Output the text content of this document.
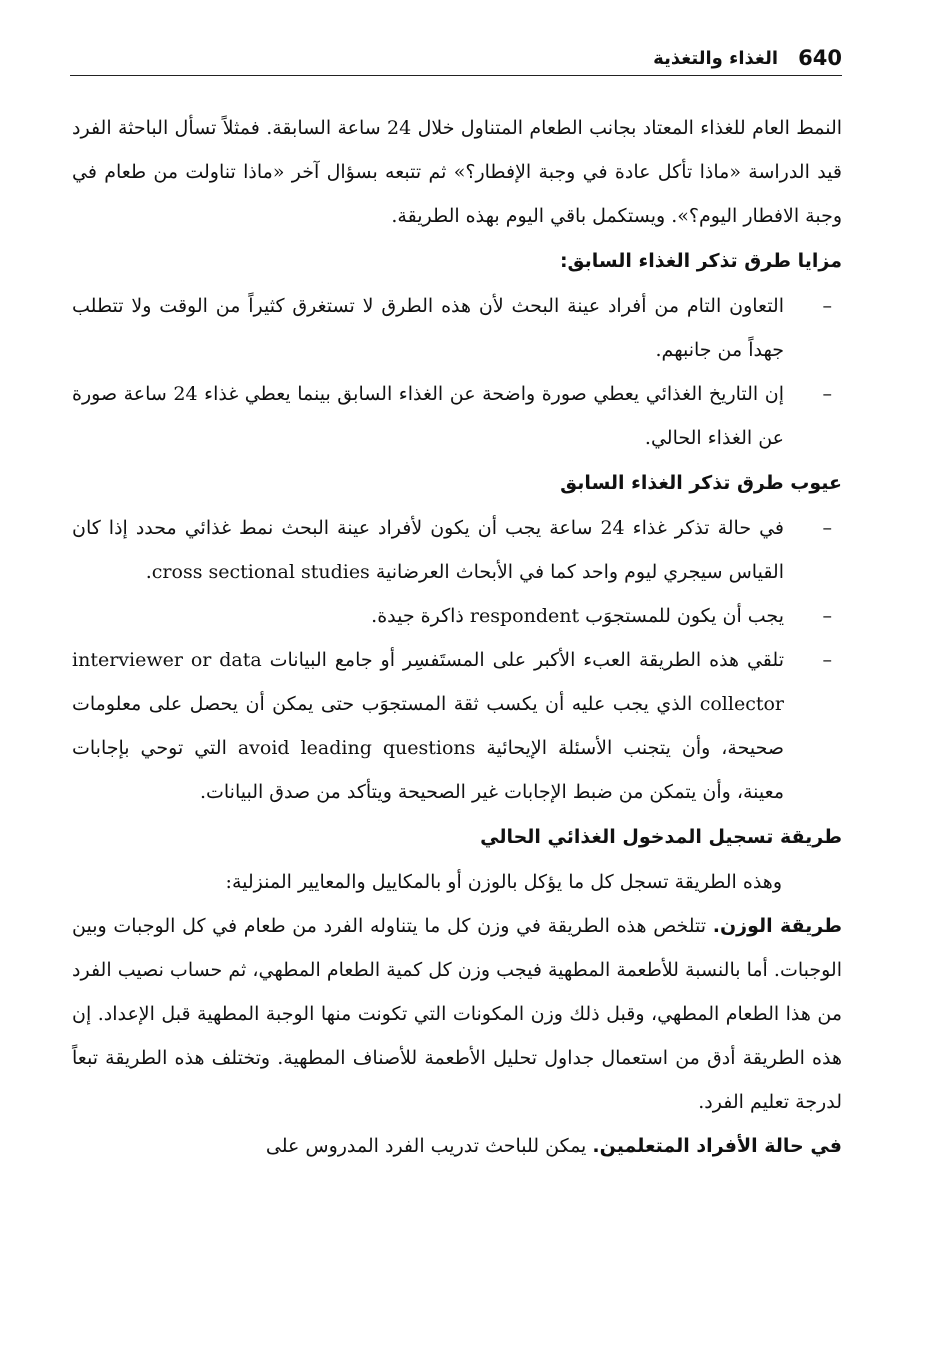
640
الغذاء والتغذية

النمط العام للغذاء المعتاد بجانب الطعام المتناول خلال 24 ساعة السابقة. فمثلاً تسأل الباحثة الفرد قيد الدراسة «ماذا تأكل عادة في وجبة الإفطار؟» ثم تتبعه بسؤال آخر «ماذا تناولت من طعام في وجبة الافطار اليوم؟». ويستكمل باقي اليوم بهذه الطريقة.

مزايا طرق تذكر الغذاء السابق:
–
التعاون التام من أفراد عينة البحث لأن هذه الطرق لا تستغرق كثيراً من الوقت ولا تتطلب جهداً من جانبهم.
–
إن التاريخ الغذائي يعطي صورة واضحة عن الغذاء السابق بينما يعطي غذاء 24 ساعة صورة عن الغذاء الحالي.
عيوب طرق تذكر الغذاء السابق
–
في حالة تذكر غذاء 24 ساعة يجب أن يكون لأفراد عينة البحث نمط غذائي محدد إذا كان القياس سيجري ليوم واحد كما في الأبحاث العرضانية cross sectional studies.
–
يجب أن يكون للمستجوَب respondent ذاكرة جيدة.
–
تلقي هذه الطريقة العبء الأكبر على المستَفسِر أو جامع البيانات interviewer or data collector الذي يجب عليه أن يكسب ثقة المستجوَب حتى يمكن أن يحصل على معلومات صحيحة، وأن يتجنب الأسئلة الإيحائية avoid leading questions التي توحي بإجابات معينة، وأن يتمكن من ضبط الإجابات غير الصحيحة ويتأكد من صدق البيانات.
طريقة تسجيل المدخول الغذائي الحالي

وهذه الطريقة تسجل كل ما يؤكل بالوزن أو بالمكاييل والمعايير المنزلية:

طريقة الوزن. تتلخص هذه الطريقة في وزن كل ما يتناوله الفرد من طعام في كل الوجبات وبين الوجبات. أما بالنسبة للأطعمة المطهية فيجب وزن كل كمية الطعام المطهي، ثم حساب نصيب الفرد من هذا الطعام المطهي، وقبل ذلك وزن المكونات التي تكونت منها الوجبة المطهية قبل الإعداد. إن هذه الطريقة أدق من استعمال جداول تحليل الأطعمة للأصناف المطهية. وتختلف هذه الطريقة تبعاً لدرجة تعليم الفرد.

في حالة الأفراد المتعلمين. يمكن للباحث تدريب الفرد المدروس على
